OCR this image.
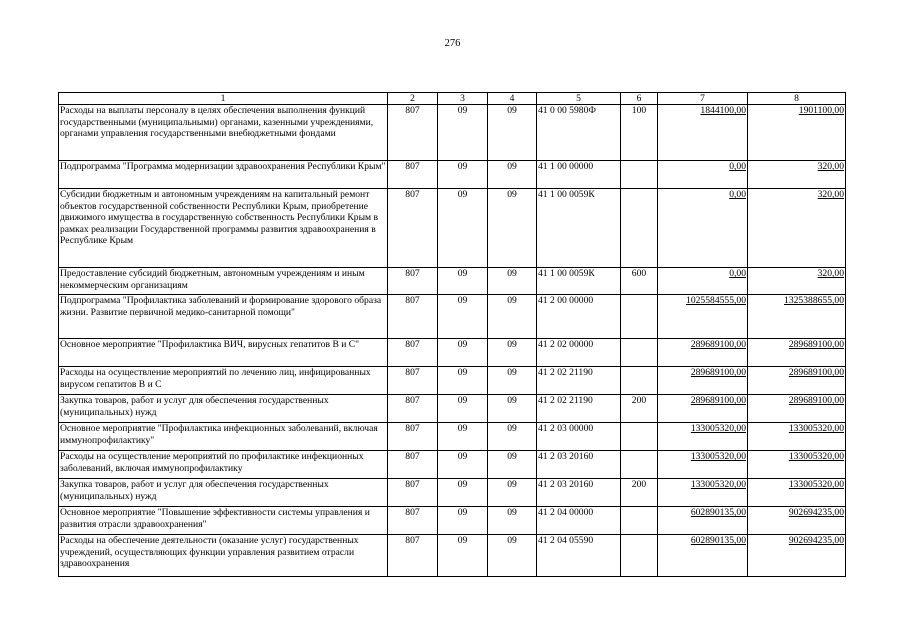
276
1	2	3	4	5	6	7	8
Расходы на выплаты персоналу в целях обеспечения выполнения функций государственными (муниципальными) органами, казенными учреждениями, органами управления государственными внебюджетными фондами	807	09	09	41 0 00 5980Ф	100	1844100,00	1901100,00
Подпрограмма "Программа модернизации здравоохранения Республики Крым"	807	09	09	41 1 00 00000		0,00	320,00
Субсидии бюджетным и автономным учреждениям на капитальный ремонт объектов государственной собственности Республики Крым, приобретение движимого имущества в государственную собственность Республики Крым в рамках реализации Государственной программы развития здравоохранения в Республике Крым	807	09	09	41 1 00 0059К		0,00	320,00
Предоставление субсидий бюджетным, автономным учреждениям и иным некоммерческим организациям	807	09	09	41 1 00 0059К	600	0,00	320,00
Подпрограмма "Профилактика заболеваний и формирование здорового образа жизни. Развитие первичной медико-санитарной помощи"	807	09	09	41 2 00 00000		1025584555,00	1325388655,00
Основное мероприятие "Профилактика ВИЧ, вирусных гепатитов В и С"	807	09	09	41 2 02 00000		289689100,00	289689100,00
Расходы на осуществление мероприятий по лечению лиц, инфицированных вирусом гепатитов В и С	807	09	09	41 2 02 21190		289689100,00	289689100,00
Закупка товаров, работ и услуг для обеспечения государственных (муниципальных) нужд	807	09	09	41 2 02 21190	200	289689100,00	289689100,00
Основное мероприятие "Профилактика инфекционных заболеваний, включая иммунопрофилактику"	807	09	09	41 2 03 00000		133005320,00	133005320,00
Расходы на осуществление мероприятий по профилактике инфекционных заболеваний, включая иммунопрофилактику	807	09	09	41 2 03 20160		133005320,00	133005320,00
Закупка товаров, работ и услуг для обеспечения государственных (муниципальных) нужд	807	09	09	41 2 03 20160	200	133005320,00	133005320,00
Основное мероприятие "Повышение эффективности системы управления и развития отрасли здравоохранения"	807	09	09	41 2 04 00000		602890135,00	902694235,00
Расходы на обеспечение деятельности (оказание услуг) государственных учреждений, осуществляющих функции управления развитием отрасли здравоохранения	807	09	09	41 2 04 05590		602890135,00	902694235,00
